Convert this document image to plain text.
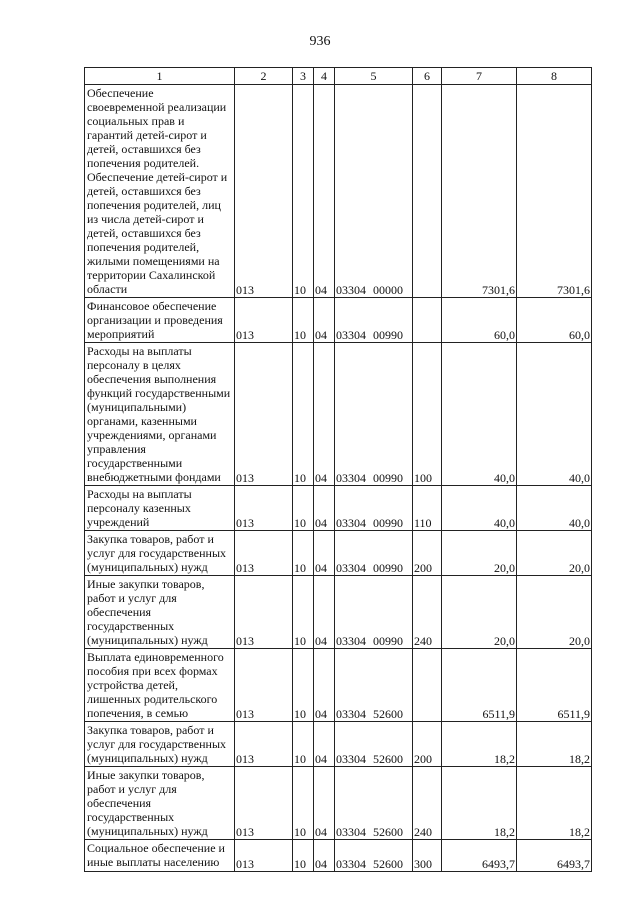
936
1	2	3	4	5	6	7	8
Обеспечение своевременной реализации социальных прав и гарантий детей-сирот и детей, оставшихся без попечения родителей. Обеспечение детей-сирот и детей, оставшихся без попечения родителей, лиц из числа детей-сирот и детей, оставшихся без попечения родителей, жилыми помещениями на территории Сахалинской области	013	10	04	03304 00000		7301,6	7301,6
Финансовое обеспечение организации и проведения мероприятий	013	10	04	03304 00990		60,0	60,0
Расходы на выплаты персоналу в целях обеспечения выполнения функций государственными (муниципальными) органами, казенными учреждениями, органами управления государственными внебюджетными фондами	013	10	04	03304 00990	100	40,0	40,0
Расходы на выплаты персоналу казенных учреждений	013	10	04	03304 00990	110	40,0	40,0
Закупка товаров, работ и услуг для государственных (муниципальных) нужд	013	10	04	03304 00990	200	20,0	20,0
Иные закупки товаров, работ и услуг для обеспечения государственных (муниципальных) нужд	013	10	04	03304 00990	240	20,0	20,0
Выплата единовременного пособия при всех формах устройства детей, лишенных родительского попечения, в семью	013	10	04	03304 52600		6511,9	6511,9
Закупка товаров, работ и услуг для государственных (муниципальных) нужд	013	10	04	03304 52600	200	18,2	18,2
Иные закупки товаров, работ и услуг для обеспечения государственных (муниципальных) нужд	013	10	04	03304 52600	240	18,2	18,2
Социальное обеспечение и иные выплаты населению	013	10	04	03304 52600	300	6493,7	6493,7
